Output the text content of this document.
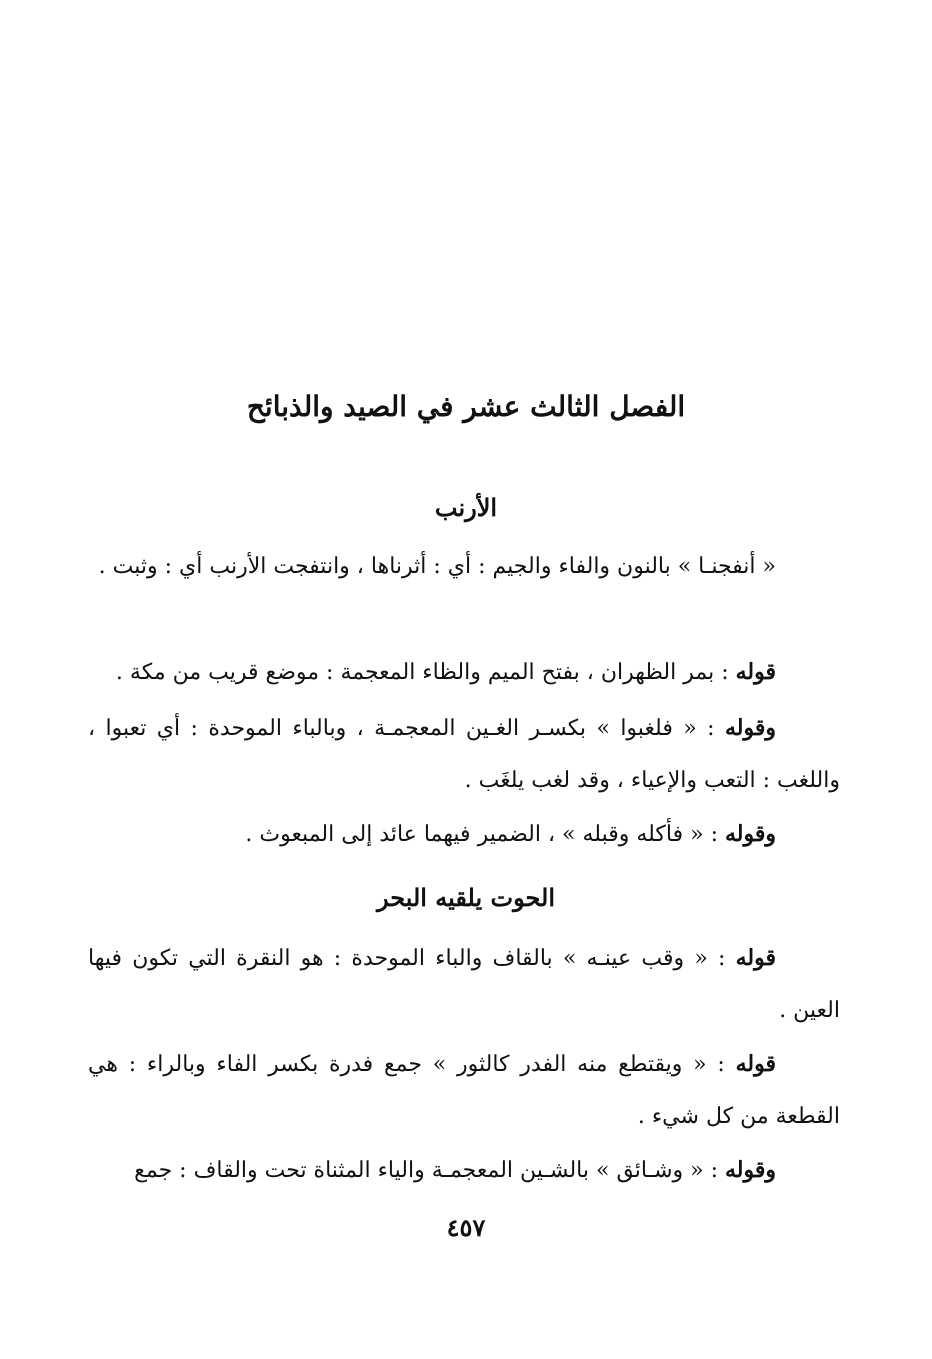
الفصل الثالث عشر في الصيد والذبائح
الأرنب
« أنفجنـا » بالنون والفاء والجيم : أي : أثرناها ، وانتفجت الأرنب أي : وثبت .
قوله : بمر الظهران ، بفتح الميم والظاء المعجمة : موضع قريب من مكة .
وقوله : « فلغبوا » بكسـر الغـين المعجمـة ، وبالباء الموحدة : أي تعبوا ، واللغب : التعب والإعياء ، وقد لغب يلغَب .
وقوله : « فأكله وقبله » ، الضمير فيهما عائد إلى المبعوث .
الحوت يلقيه البحر
قوله : « وقب عينـه » بالقاف والباء الموحدة : هو النقرة التي تكون فيها العين .
قوله : « ويقتطع منه الفدر كالثور » جمع فدرة بكسر الفاء وبالراء : هي القطعة من كل شيء .
وقوله : « وشـائق » بالشـين المعجمـة والياء المثناة تحت والقاف : جمع
٤٥٧
